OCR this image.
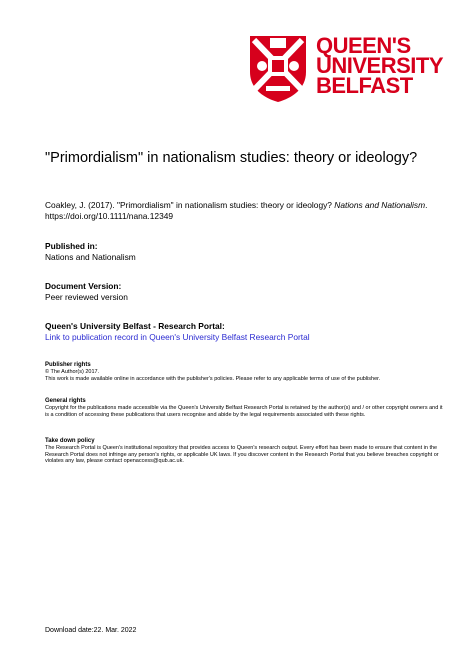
QUEEN'S
UNIVERSITY
BELFAST
"Primordialism" in nationalism studies: theory or ideology?
Coakley, J. (2017). "Primordialism" in nationalism studies: theory or ideology? Nations and Nationalism.
https://doi.org/10.1111/nana.12349
Published in:
Nations and Nationalism
Document Version:
Peer reviewed version
Queen's University Belfast - Research Portal:
Link to publication record in Queen's University Belfast Research Portal
Publisher rights
© The Author(s) 2017.
This work is made available online in accordance with the publisher's policies. Please refer to any applicable terms of use of the publisher.
General rights
Copyright for the publications made accessible via the Queen's University Belfast Research Portal is retained by the author(s) and / or other copyright owners and it is a condition of accessing these publications that users recognise and abide by the legal requirements associated with these rights.
Take down policy
The Research Portal is Queen's institutional repository that provides access to Queen's research output. Every effort has been made to ensure that content in the Research Portal does not infringe any person's rights, or applicable UK laws. If you discover content in the Research Portal that you believe breaches copyright or violates any law, please contact openaccess@qub.ac.uk.
Download date:22. Mar. 2022
